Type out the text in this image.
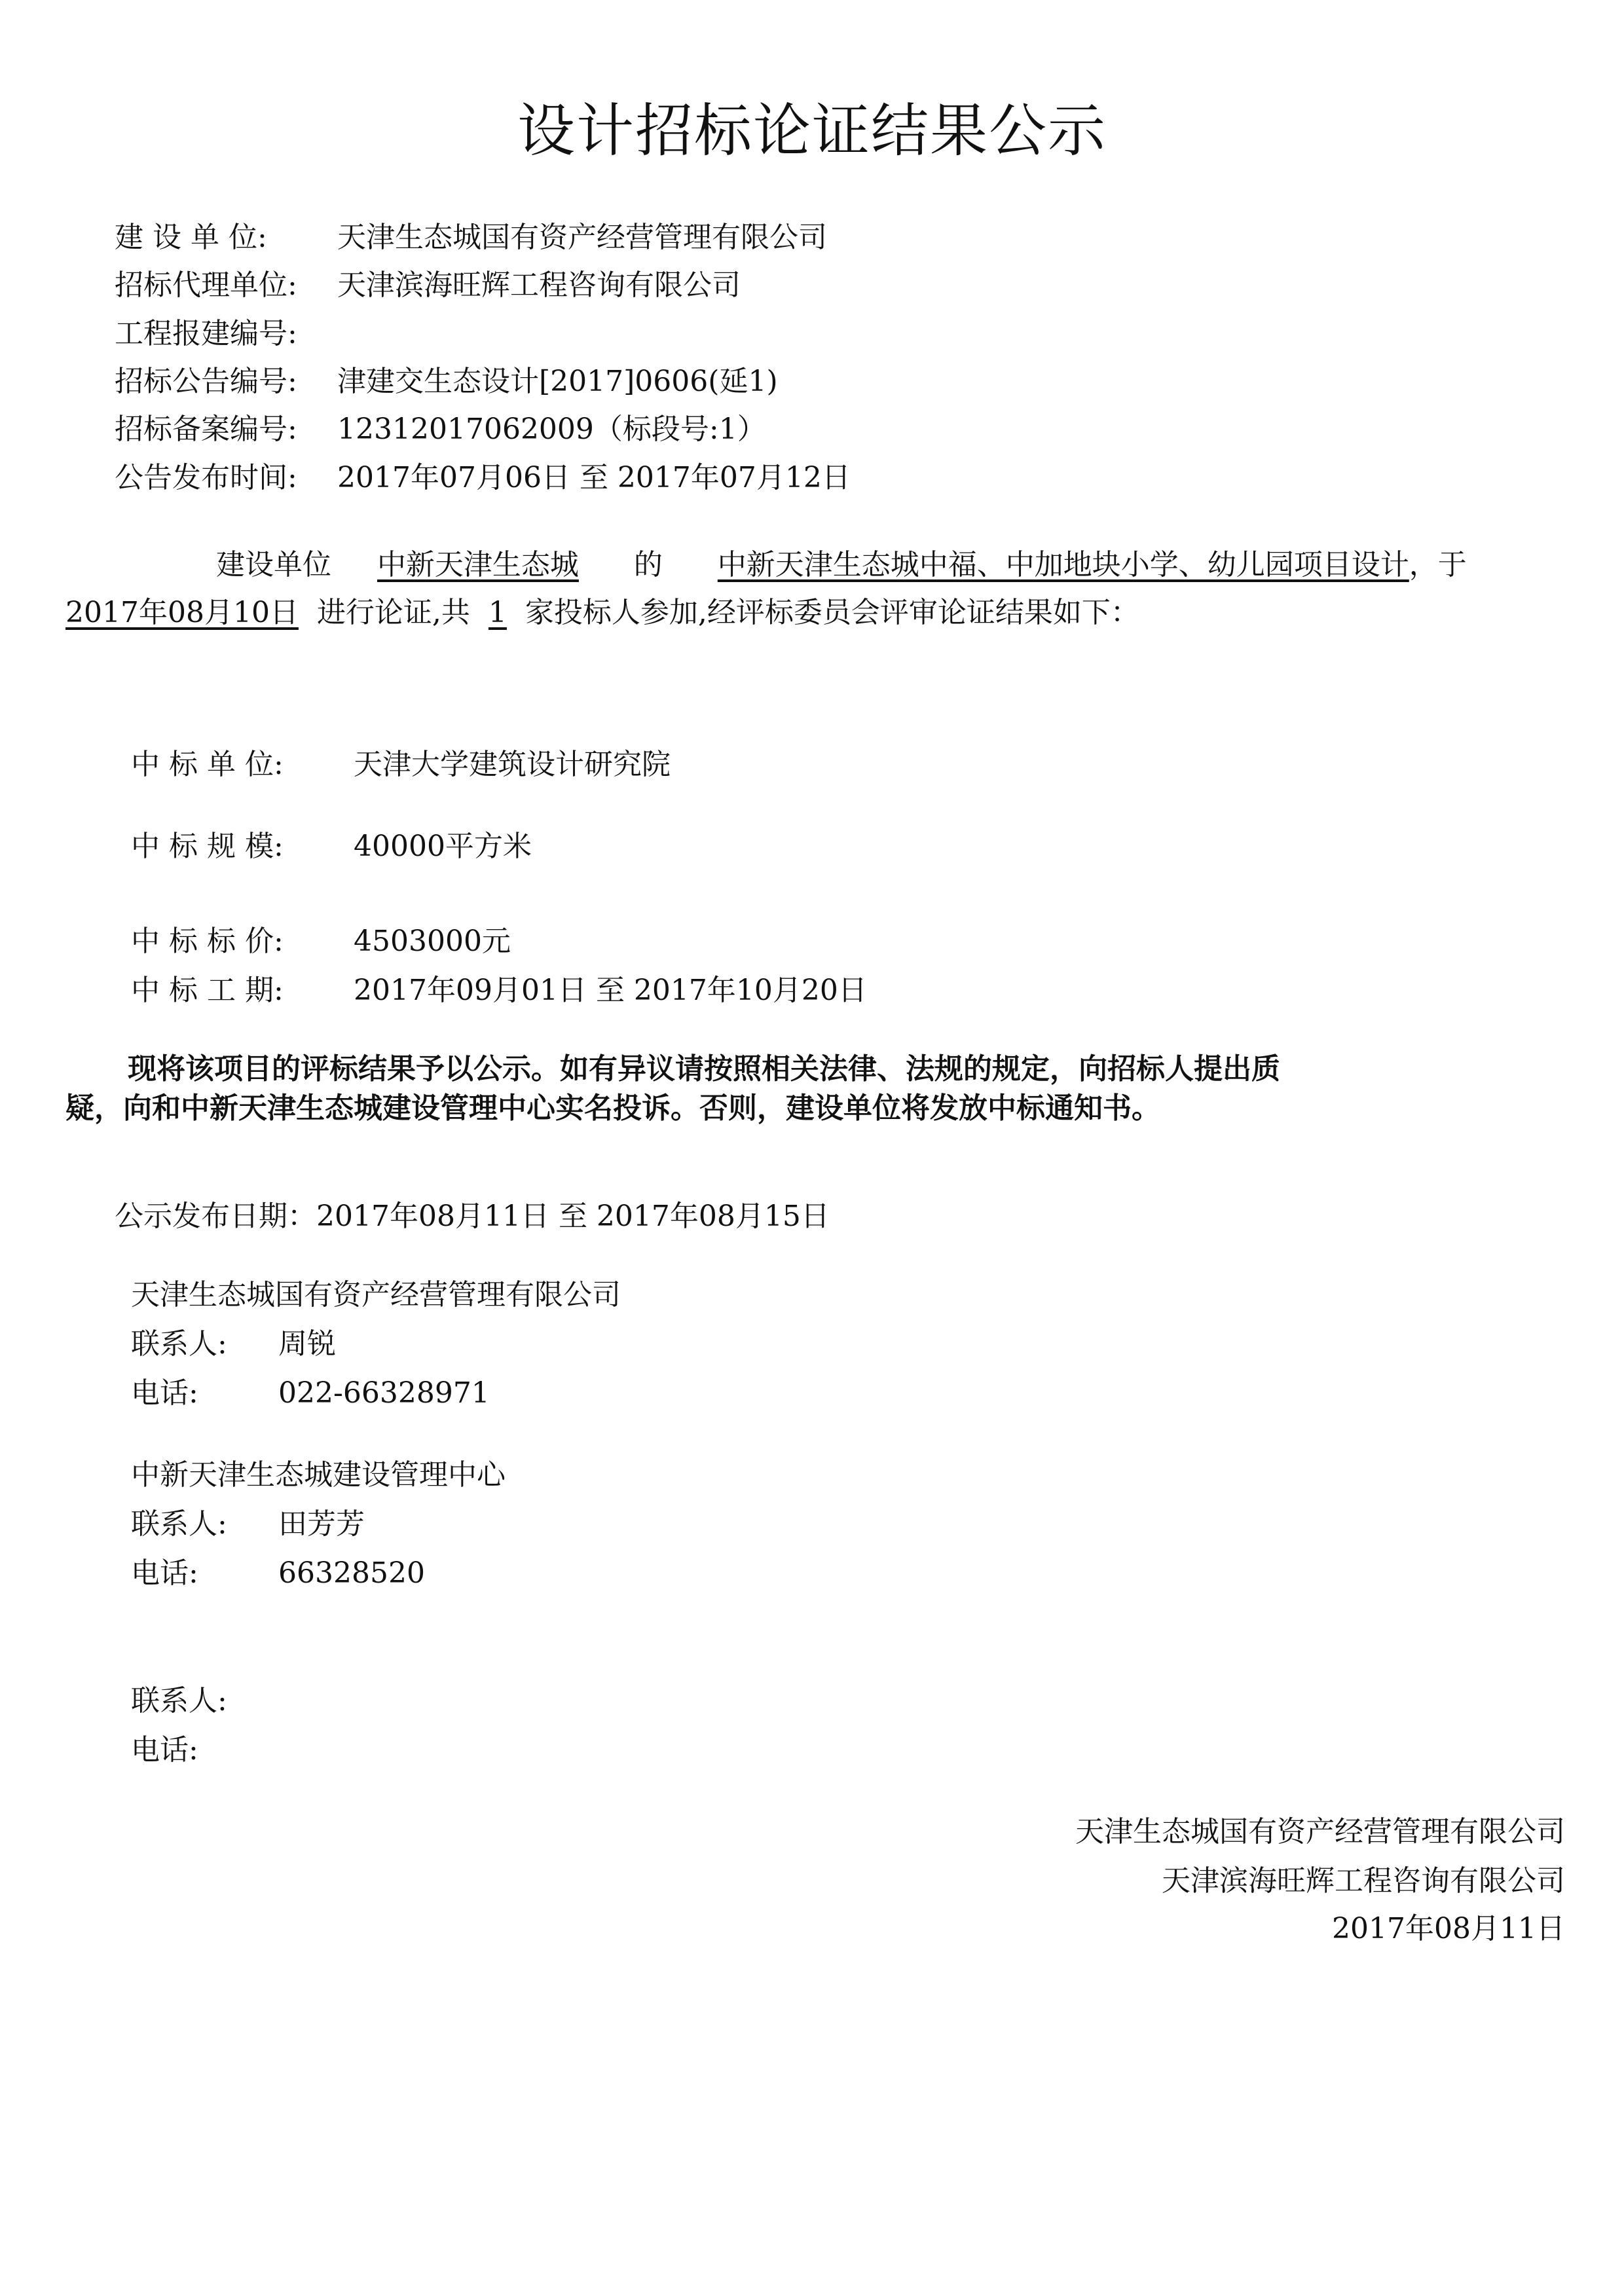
设计招标论证结果公示
建 设 单 位: 天津生态城国有资产经营管理有限公司
招标代理单位: 天津滨海旺辉工程咨询有限公司
工程报建编号:
招标公告编号: 津建交生态设计[2017]0606(延1)
招标备案编号: 12312017062009（标段号:1）
公告发布时间: 2017年07月06日 至 2017年07月12日
建设单位 中新天津生态城 的 中新天津生态城中福、中加地块小学、幼儿园项目设计，于
2017年08月10日 进行论证,共 1 家投标人参加,经评标委员会评审论证结果如下：
中 标 单 位: 天津大学建筑设计研究院
中 标 规 模: 40000平方米
中 标 标 价: 4503000元
中 标 工 期: 2017年09月01日 至 2017年10月20日
现将该项目的评标结果予以公示。如有异议请按照相关法律、法规的规定，向招标人提出质
疑，向和中新天津生态城建设管理中心实名投诉。否则，建设单位将发放中标通知书。
公示发布日期：2017年08月11日 至 2017年08月15日
天津生态城国有资产经营管理有限公司
联系人: 周锐
电话:	022-66328971
中新天津生态城建设管理中心
联系人: 田芳芳
电话:	66328520
联系人:
电话:
天津生态城国有资产经营管理有限公司
天津滨海旺辉工程咨询有限公司
2017年08月11日
